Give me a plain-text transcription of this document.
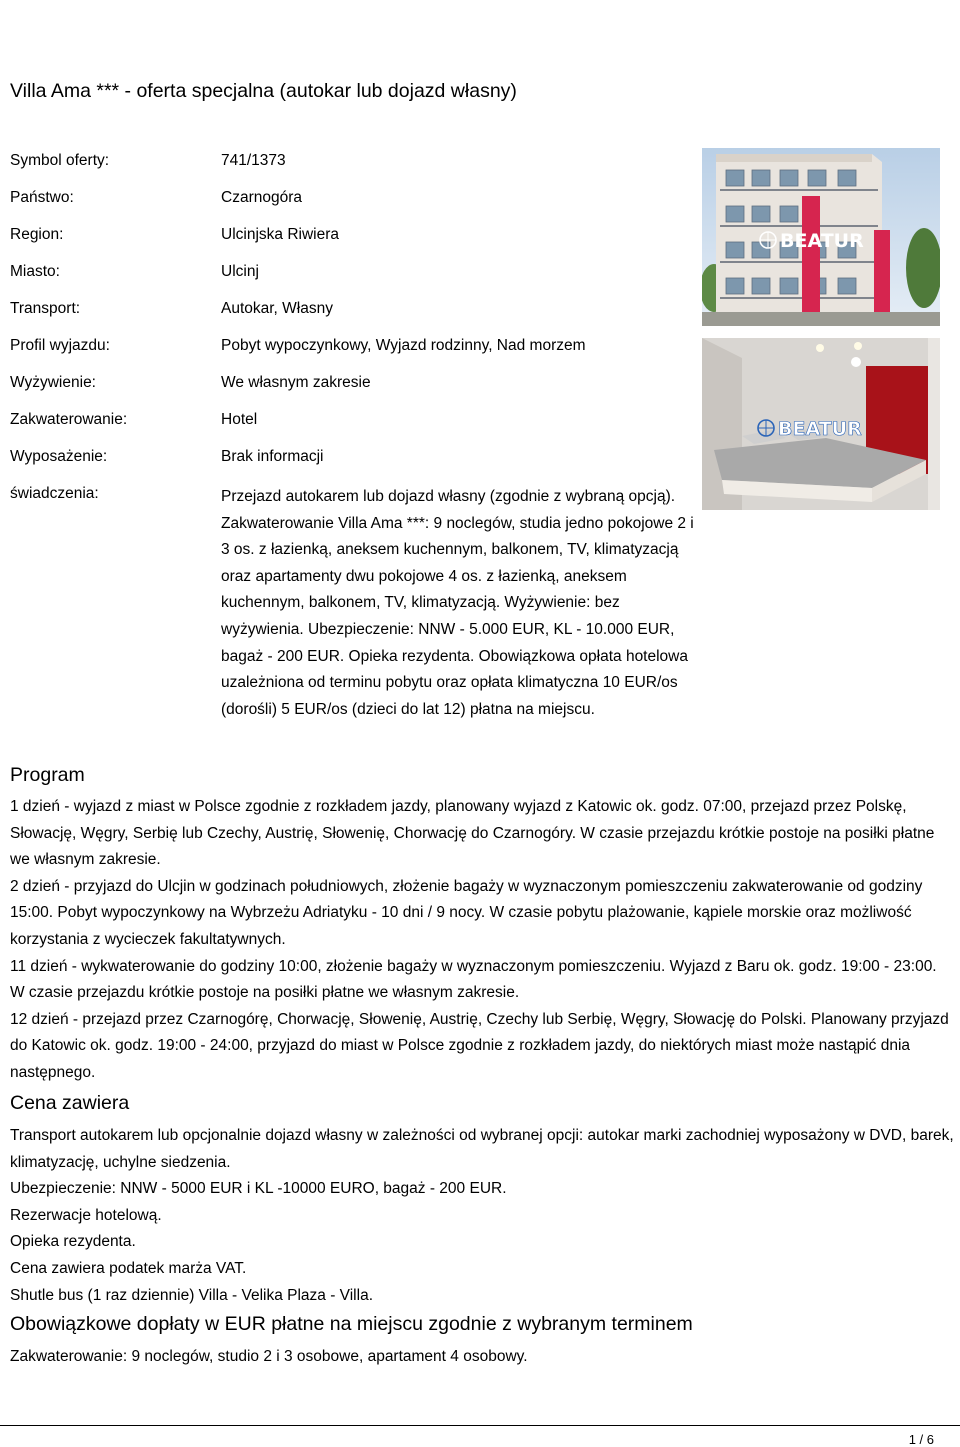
Villa Ama *** - oferta specjalna (autokar lub dojazd własny)
Symbol oferty:	741/1373
Państwo:	Czarnogóra
Region:	Ulcinjska Riwiera
Miasto:	Ulcinj
Transport:	Autokar, Własny
Profil wyjazdu:	Pobyt wypoczynkowy, Wyjazd rodzinny, Nad morzem
Wyżywienie:	We własnym zakresie
Zakwaterowanie:	Hotel
Wyposażenie:	Brak informacji
świadczenia:	Przejazd autokarem lub dojazd własny (zgodnie z wybraną opcją). Zakwaterowanie Villa Ama ***: 9 noclegów, studia jedno pokojowe 2 i 3 os. z łazienką, aneksem kuchennym, balkonem, TV, klimatyzacją oraz apartamenty dwu pokojowe 4 os. z łazienką, aneksem kuchennym, balkonem, TV, klimatyzacją. Wyżywienie: bez wyżywienia. Ubezpieczenie: NNW - 5.000 EUR, KL - 10.000 EUR, bagaż - 200 EUR. Opieka rezydenta. Obowiązkowa opłata hotelowa uzależniona od terminu pobytu oraz opłata klimatyczna 10 EUR/os (dorośli) 5 EUR/os (dzieci do lat 12) płatna na miejscu.
BEATUR
BEATUR
Program

1 dzień - wyjazd z miast w Polsce zgodnie z rozkładem jazdy, planowany wyjazd z Katowic ok. godz. 07:00, przejazd przez Polskę, Słowację, Węgry, Serbię lub Czechy, Austrię, Słowenię, Chorwację do Czarnogóry. W czasie przejazdu krótkie postoje na posiłki płatne we własnym zakresie.

2 dzień - przyjazd do Ulcjin w godzinach południowych, złożenie bagaży w wyznaczonym pomieszczeniu zakwaterowanie od godziny 15:00. Pobyt wypoczynkowy na Wybrzeżu Adriatyku - 10 dni / 9 nocy. W czasie pobytu plażowanie, kąpiele morskie oraz możliwość korzystania z wycieczek fakultatywnych.

11 dzień - wykwaterowanie do godziny 10:00, złożenie bagaży w wyznaczonym pomieszczeniu. Wyjazd z Baru ok. godz. 19:00 - 23:00. W czasie przejazdu krótkie postoje na posiłki płatne we własnym zakresie.

12 dzień - przejazd przez Czarnogórę, Chorwację, Słowenię, Austrię, Czechy lub Serbię, Węgry, Słowację do Polski. Planowany przyjazd do Katowic ok. godz. 19:00 - 24:00, przyjazd do miast w Polsce zgodnie z rozkładem jazdy, do niektórych miast może nastąpić dnia następnego.

Cena zawiera

Transport autokarem lub opcjonalnie dojazd własny w zależności od wybranej opcji: autokar marki zachodniej wyposażony w DVD, barek, klimatyzację, uchylne siedzenia.

Ubezpieczenie: NNW - 5000 EUR i KL -10000 EURO, bagaż - 200 EUR.

Rezerwacje hotelową.

Opieka rezydenta.

Cena zawiera podatek marża VAT.

Shutle bus (1 raz dziennie) Villa - Velika Plaza - Villa.

Obowiązkowe dopłaty w EUR płatne na miejscu zgodnie z wybranym terminem

Zakwaterowanie: 9 noclegów, studio 2 i 3 osobowe, apartament 4 osobowy.

1 / 6
